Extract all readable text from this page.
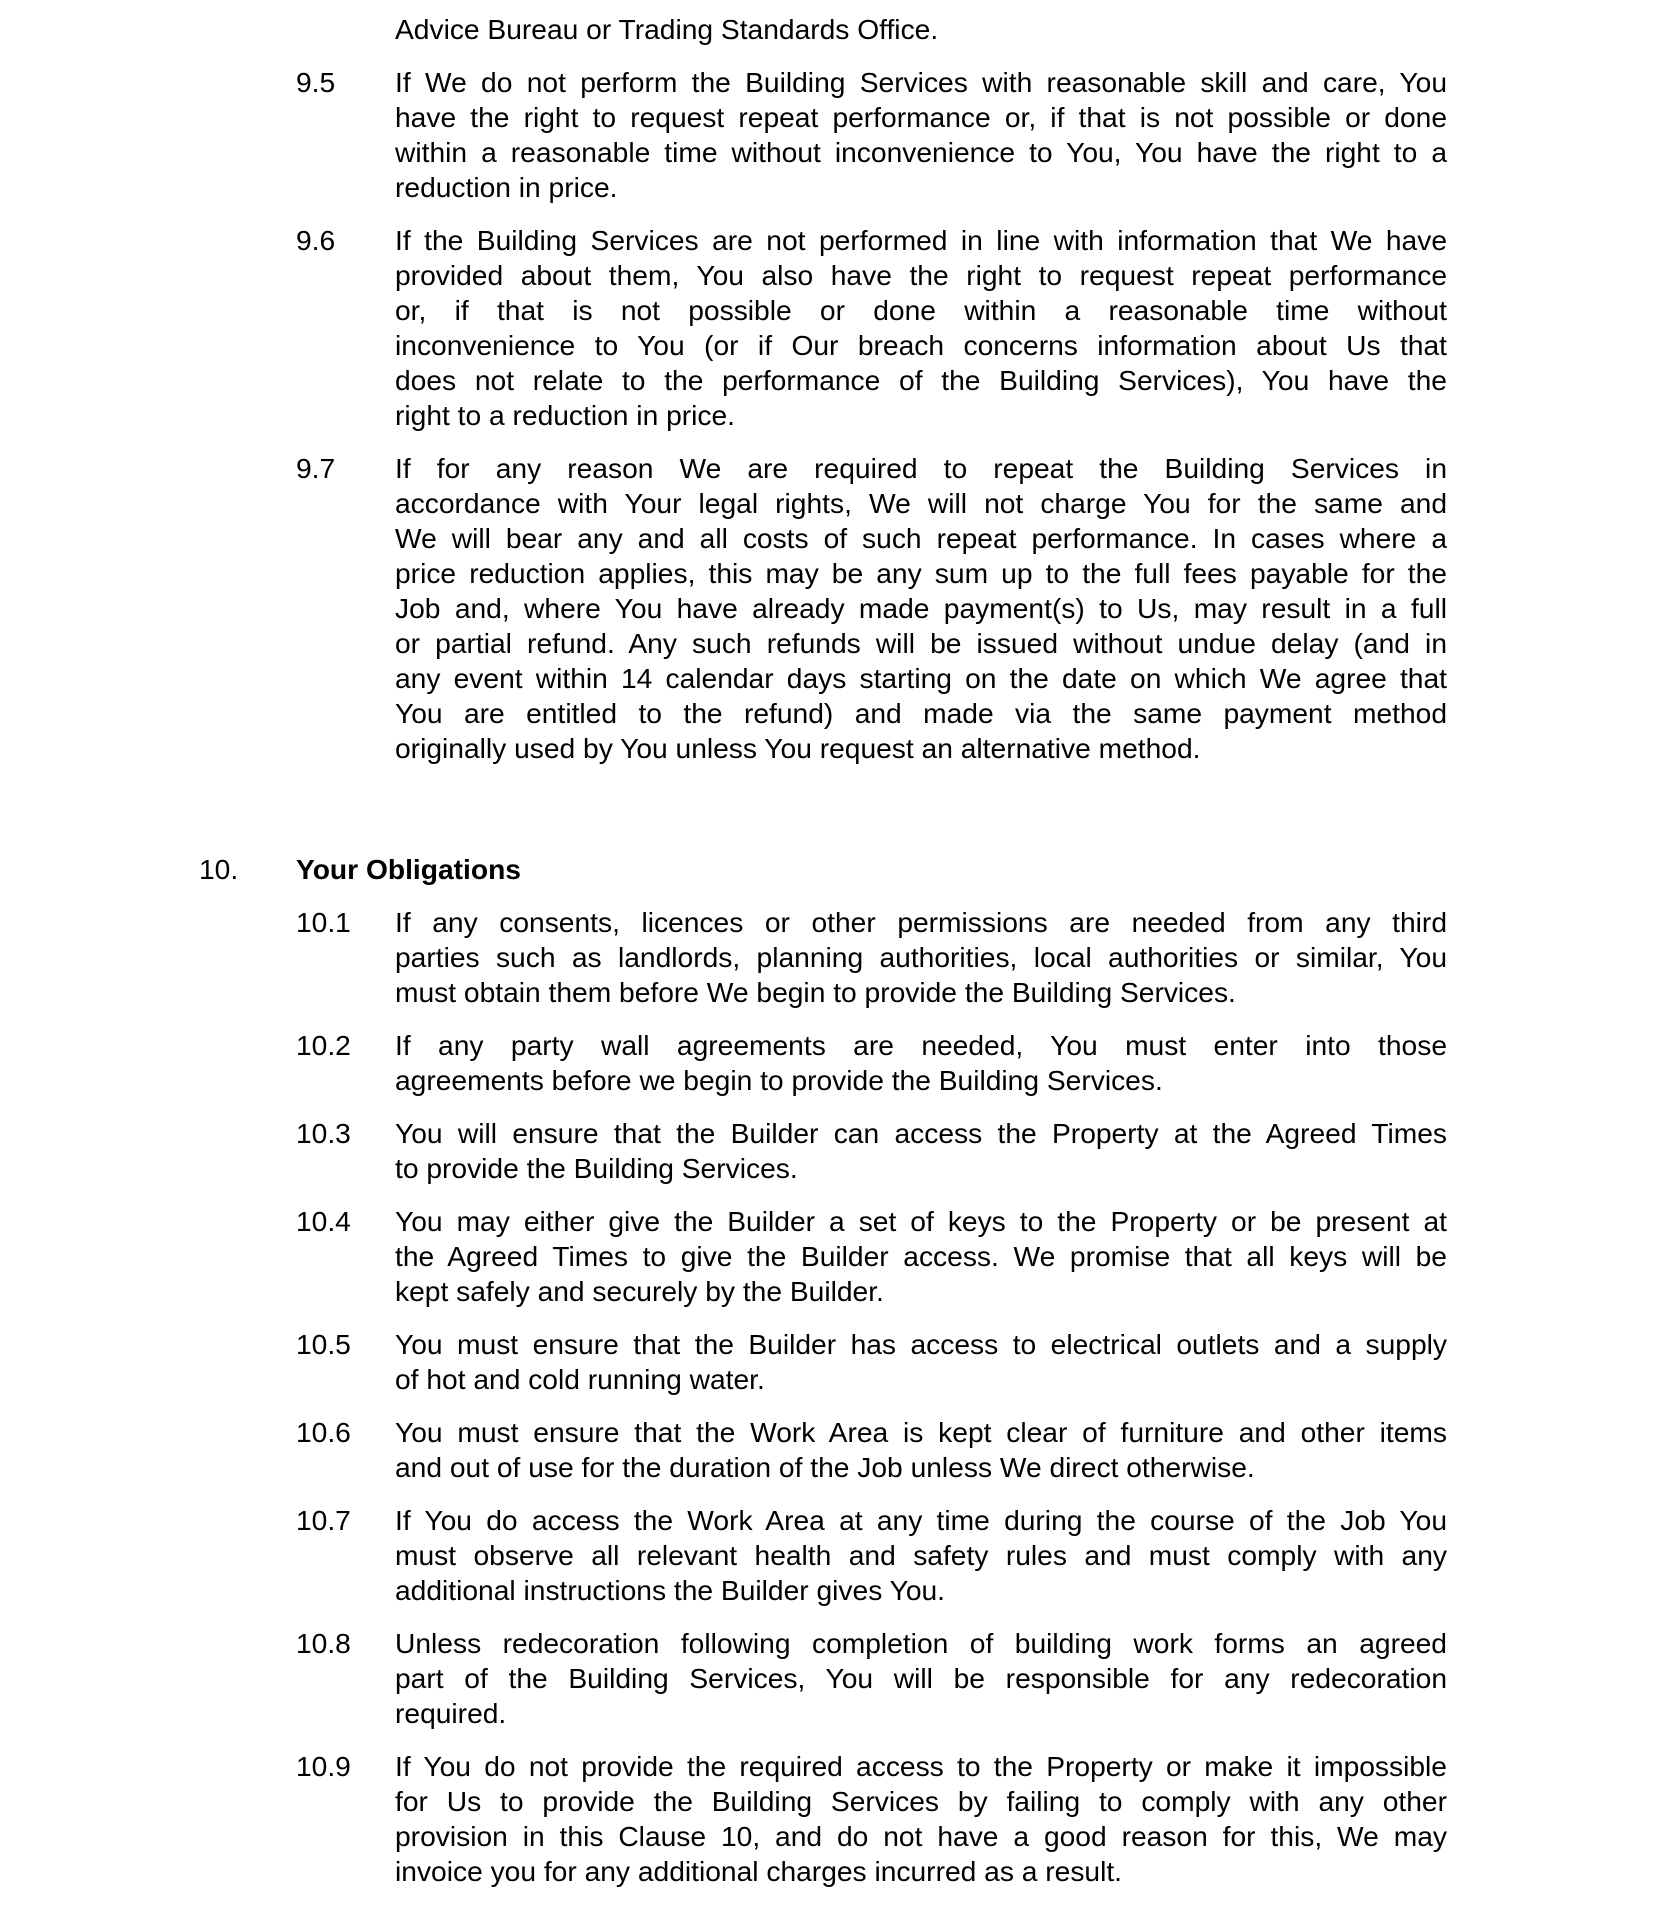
Advice Bureau or Trading Standards Office.
9.5 If We do not perform the Building Services with reasonable skill and care, You
have the right to request repeat performance or, if that is not possible or done
within a reasonable time without inconvenience to You, You have the right to a
reduction in price.
9.6 If the Building Services are not performed in line with information that We have
provided about them, You also have the right to request repeat performance
or, if that is not possible or done within a reasonable time without
inconvenience to You (or if Our breach concerns information about Us that
does not relate to the performance of the Building Services), You have the
right to a reduction in price.
9.7 If for any reason We are required to repeat the Building Services in
accordance with Your legal rights, We will not charge You for the same and
We will bear any and all costs of such repeat performance. In cases where a
price reduction applies, this may be any sum up to the full fees payable for the
Job and, where You have already made payment(s) to Us, may result in a full
or partial refund. Any such refunds will be issued without undue delay (and in
any event within 14 calendar days starting on the date on which We agree that
You are entitled to the refund) and made via the same payment method
originally used by You unless You request an alternative method.
10. Your Obligations
10.1 If any consents, licences or other permissions are needed from any third
parties such as landlords, planning authorities, local authorities or similar, You
must obtain them before We begin to provide the Building Services.
10.2 If any party wall agreements are needed, You must enter into those
agreements before we begin to provide the Building Services.
10.3 You will ensure that the Builder can access the Property at the Agreed Times
to provide the Building Services.
10.4 You may either give the Builder a set of keys to the Property or be present at
the Agreed Times to give the Builder access. We promise that all keys will be
kept safely and securely by the Builder.
10.5 You must ensure that the Builder has access to electrical outlets and a supply
of hot and cold running water.
10.6 You must ensure that the Work Area is kept clear of furniture and other items
and out of use for the duration of the Job unless We direct otherwise.
10.7 If You do access the Work Area at any time during the course of the Job You
must observe all relevant health and safety rules and must comply with any
additional instructions the Builder gives You.
10.8 Unless redecoration following completion of building work forms an agreed
part of the Building Services, You will be responsible for any redecoration
required.
10.9 If You do not provide the required access to the Property or make it impossible
for Us to provide the Building Services by failing to comply with any other
provision in this Clause 10, and do not have a good reason for this, We may
invoice you for any additional charges incurred as a result.
